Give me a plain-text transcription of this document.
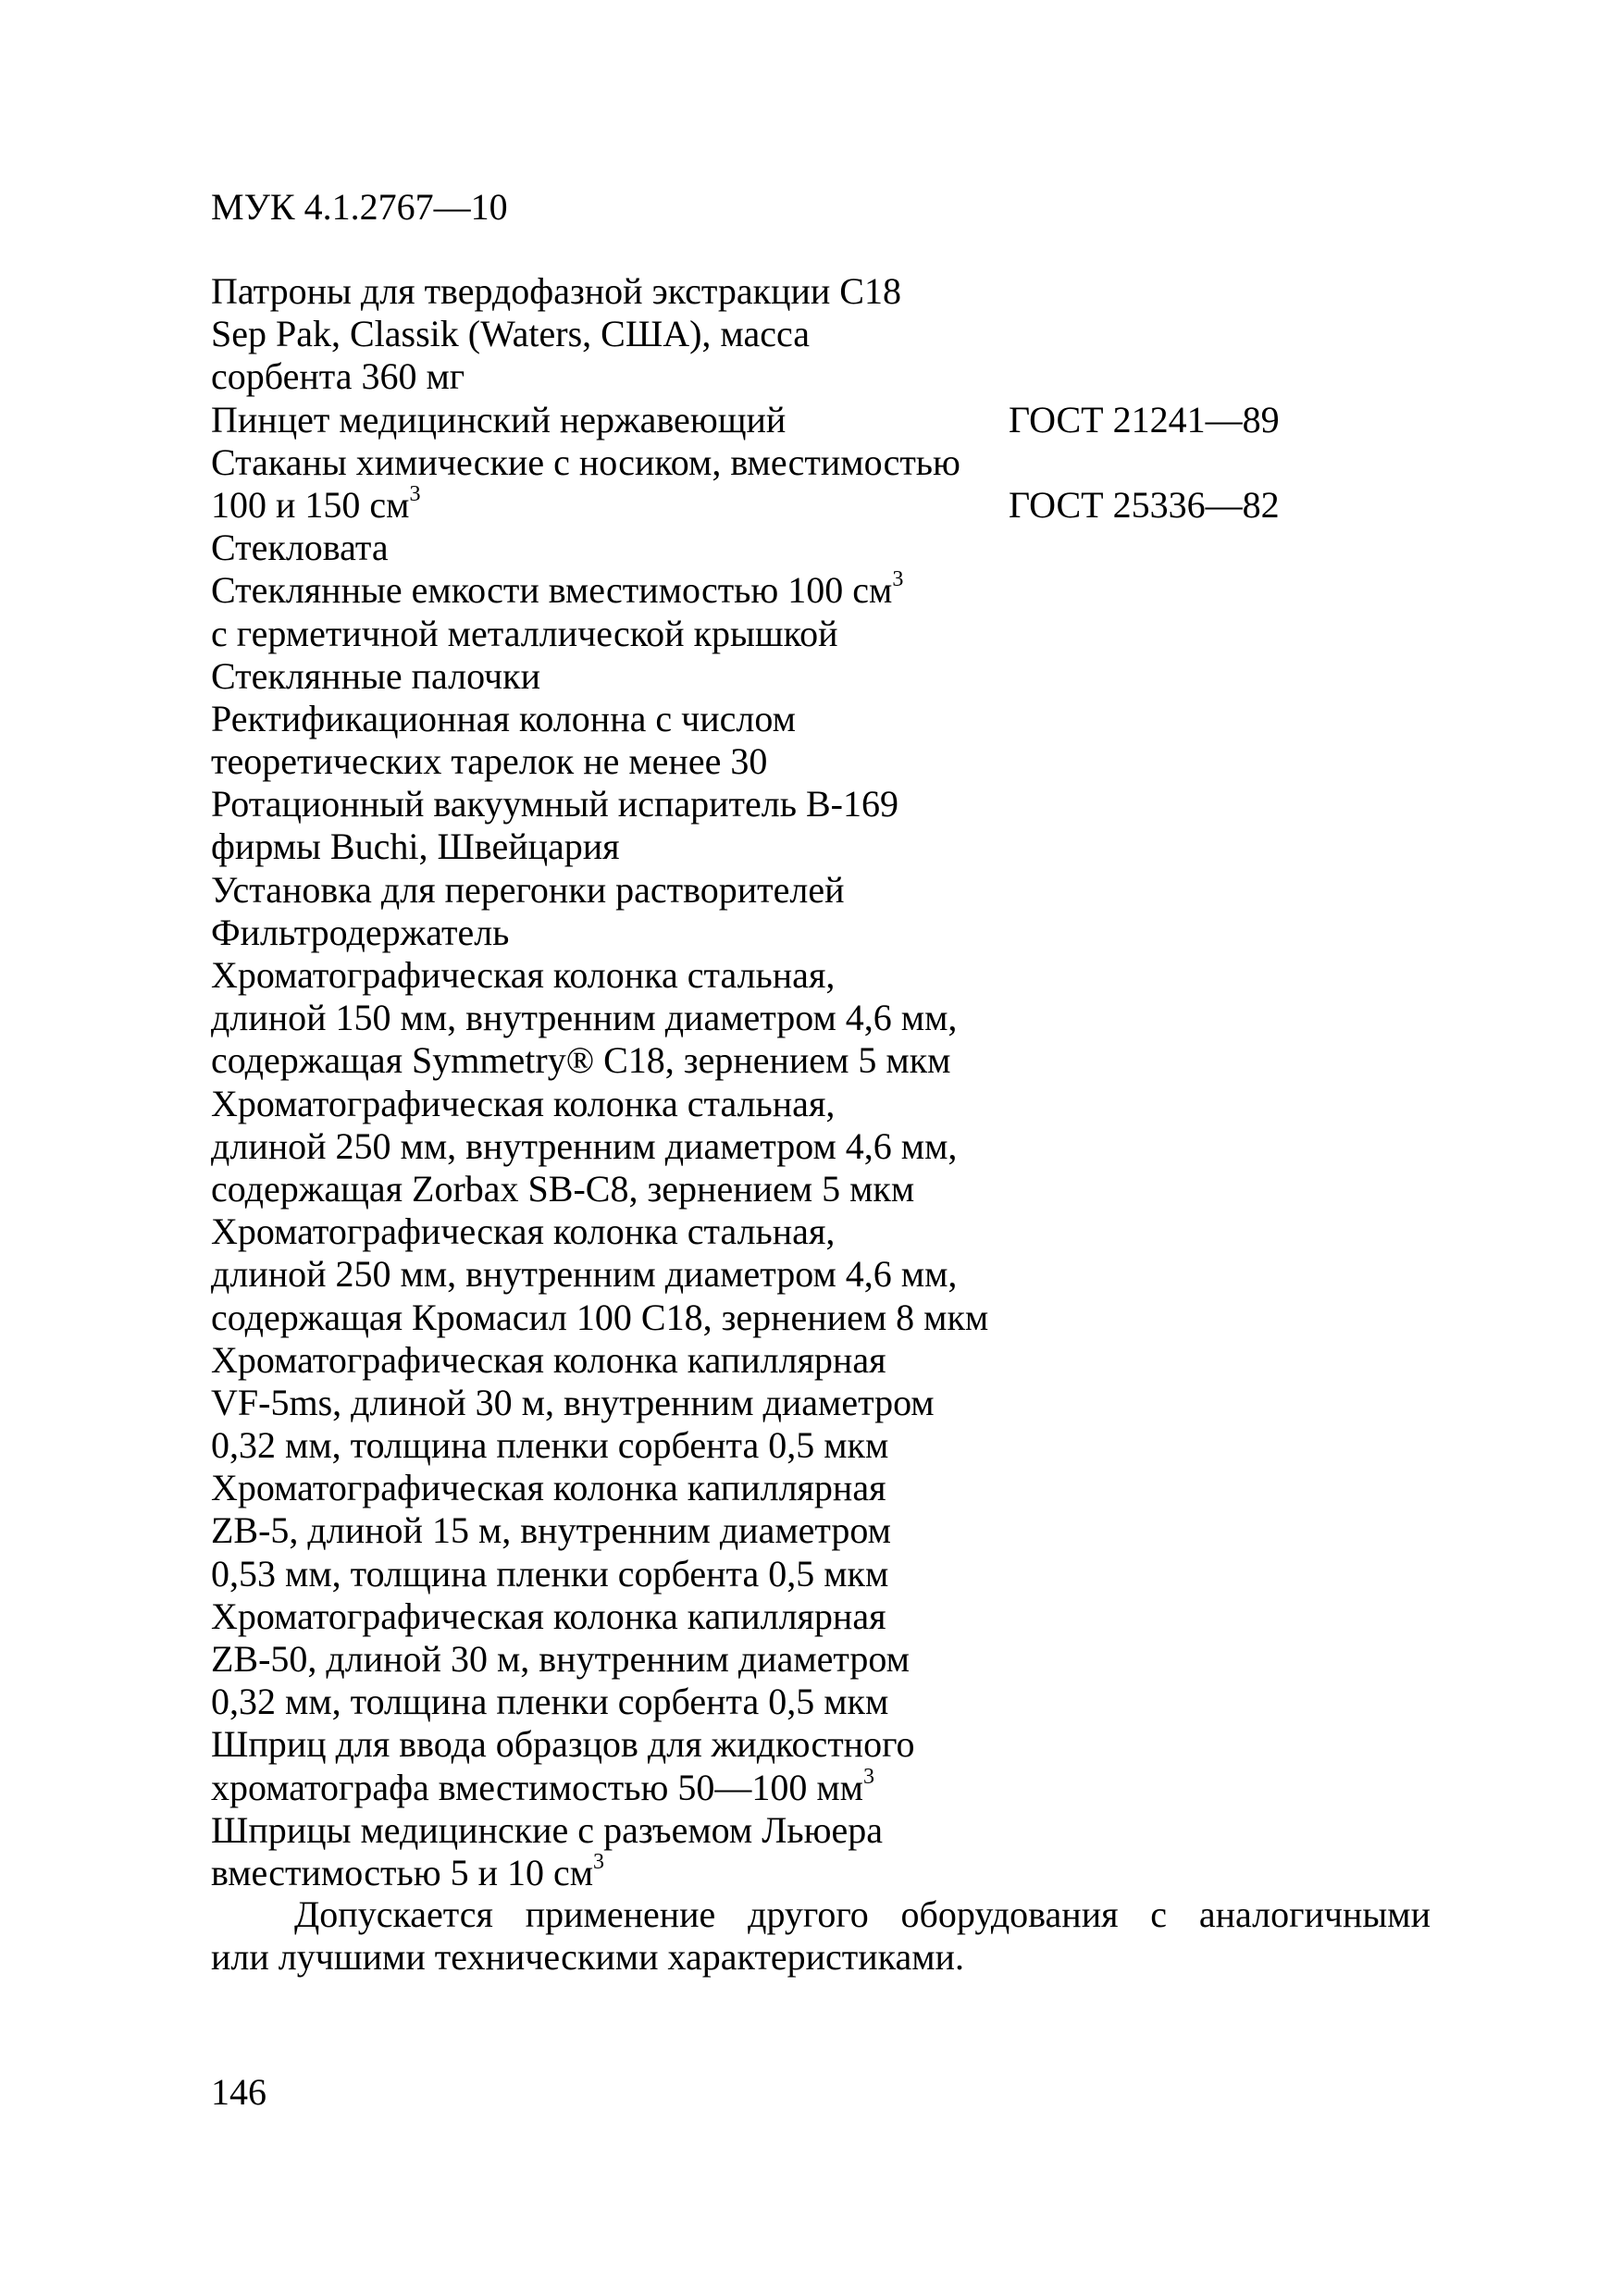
МУК 4.1.2767—10
Патроны для твердофазной экстракции С18
Sep Pak, Classik (Waters, США), масса
сорбента 360 мг
Пинцет медицинский нержавеющий	ГОСТ 21241—89
Стаканы химические с носиком, вместимостью
100 и 150 $см^3$	ГОСТ 25336—82
Стекловата
Стеклянные емкости вместимостью 100 $см^3$
с герметичной металлической крышкой
Стеклянные палочки
Ректификационная колонна с числом
теоретических тарелок не менее 30
Ротационный вакуумный испаритель В-169
фирмы Buchi, Швейцария
Установка для перегонки растворителей
Фильтродержатель
Хроматографическая колонка стальная,
длиной 150 мм, внутренним диаметром 4,6 мм,
содержащая Symmetry® С18, зернением 5 мкм
Хроматографическая колонка стальная,
длиной 250 мм, внутренним диаметром 4,6 мм,
содержащая Zorbax SB-C8, зернением 5 мкм
Хроматографическая колонка стальная,
длиной 250 мм, внутренним диаметром 4,6 мм,
содержащая Кромасил 100 С18, зернением 8 мкм
Хроматографическая колонка капиллярная
VF-5ms, длиной 30 м, внутренним диаметром
0,32 мм, толщина пленки сорбента 0,5 мкм
Хроматографическая колонка капиллярная
ZB-5, длиной 15 м, внутренним диаметром
0,53 мм, толщина пленки сорбента 0,5 мкм
Хроматографическая колонка капиллярная
ZB-50, длиной 30 м, внутренним диаметром
0,32 мм, толщина пленки сорбента 0,5 мкм
Шприц для ввода образцов для жидкостного
хроматографа вместимостью 50—100 $мм^3$
Шприцы медицинские с разъемом Льюера
вместимостью 5 и 10 $см^3$
Допускается применение другого оборудования с аналогичными
или лучшими техническими характеристиками.
146
